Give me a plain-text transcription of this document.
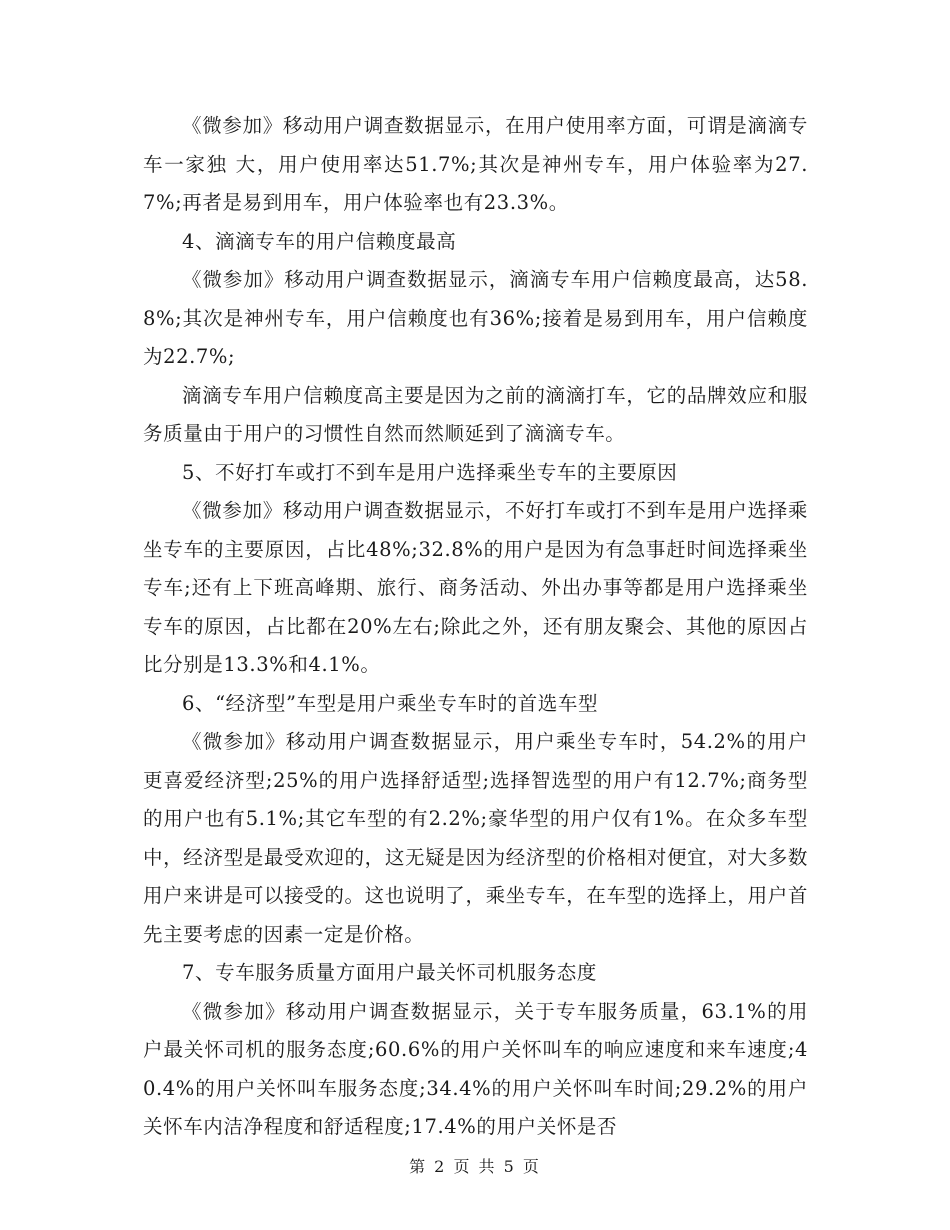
《微参加》移动用户调查数据显示，在用户使用率方面，可谓是滴滴专车一家独 大，用户使用率达51.7%;其次是神州专车，用户体验率为27.7%;再者是易到用车，用户体验率也有23.3%。

4、滴滴专车的用户信赖度最高

《微参加》移动用户调查数据显示，滴滴专车用户信赖度最高，达58.8%;其次是神州专车，用户信赖度也有36%;接着是易到用车，用户信赖度为22.7%;

滴滴专车用户信赖度高主要是因为之前的滴滴打车，它的品牌效应和服务质量由于用户的习惯性自然而然顺延到了滴滴专车。

5、不好打车或打不到车是用户选择乘坐专车的主要原因

《微参加》移动用户调查数据显示，不好打车或打不到车是用户选择乘坐专车的主要原因，占比48%;32.8%的用户是因为有急事赶时间选择乘坐专车;还有上下班高峰期、旅行、商务活动、外出办事等都是用户选择乘坐专车的原因，占比都在20%左右;除此之外，还有朋友聚会、其他的原因占比分别是13.3%和4.1%。

6、“经济型”车型是用户乘坐专车时的首选车型

《微参加》移动用户调查数据显示，用户乘坐专车时，54.2%的用户更喜爱经济型;25%的用户选择舒适型;选择智选型的用户有12.7%;商务型的用户也有5.1%;其它车型的有2.2%;豪华型的用户仅有1%。在众多车型中，经济型是最受欢迎的，这无疑是因为经济型的价格相对便宜，对大多数用户来讲是可以接受的。这也说明了，乘坐专车，在车型的选择上，用户首先主要考虑的因素一定是价格。

7、专车服务质量方面用户最关怀司机服务态度

《微参加》移动用户调查数据显示，关于专车服务质量，63.1%的用户最关怀司机的服务态度;60.6%的用户关怀叫车的响应速度和来车速度;40.4%的用户关怀叫车服务态度;34.4%的用户关怀叫车时间;29.2%的用户关怀车内洁净程度和舒适程度;17.4%的用户关怀是否

第 2 页 共 5 页
